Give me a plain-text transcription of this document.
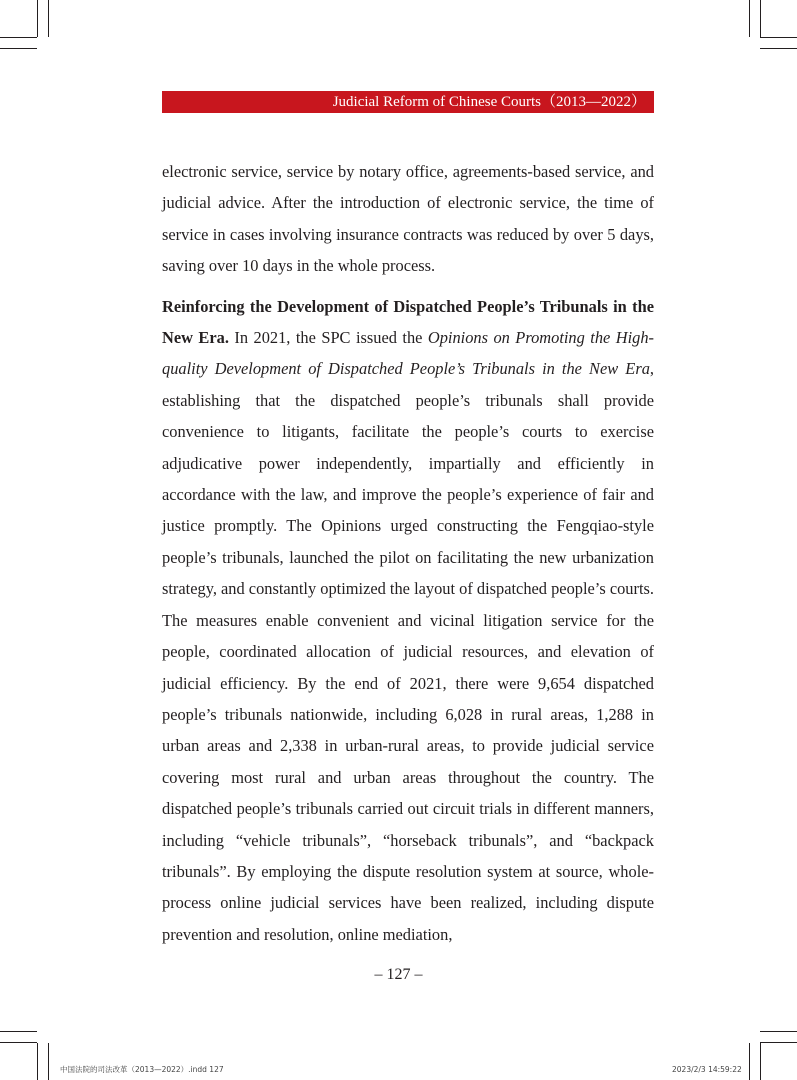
Judicial Reform of Chinese Courts（2013—2022）

electronic service, service by notary office, agreements-based service, and judicial advice. After the introduction of electronic service, the time of service in cases involving insurance contracts was reduced by over 5 days, saving over 10 days in the whole process.

Reinforcing the Development of Dispatched People’s Tribunals in the New Era. In 2021, the SPC issued the Opinions on Promoting the High-quality Development of Dispatched People’s Tribunals in the New Era, establishing that the dispatched people’s tribunals shall provide convenience to litigants, facilitate the people’s courts to exercise adjudicative power independently, impartially and efficiently in accordance with the law, and improve the people’s experience of fair and justice promptly. The Opinions urged constructing the Fengqiao-style people’s tribunals, launched the pilot on facilitating the new urbanization strategy, and constantly optimized the layout of dispatched people’s courts. The measures enable convenient and vicinal litigation service for the people, coordinated allocation of judicial resources, and elevation of judicial efficiency. By the end of 2021, there were 9,654 dispatched people’s tribunals nationwide, including 6,028 in rural areas, 1,288 in urban areas and 2,338 in urban-rural areas, to provide judicial service covering most rural and urban areas throughout the country. The dispatched people’s tribunals carried out circuit trials in different manners, including “vehicle tribunals”, “horseback tribunals”, and “backpack tribunals”. By employing the dispute resolution system at source, whole-process online judicial services have been realized, including dispute prevention and resolution, online mediation,

– 127 –
中国法院的司法改革（2013—2022）.indd 127	2023/2/3 14:59:22
